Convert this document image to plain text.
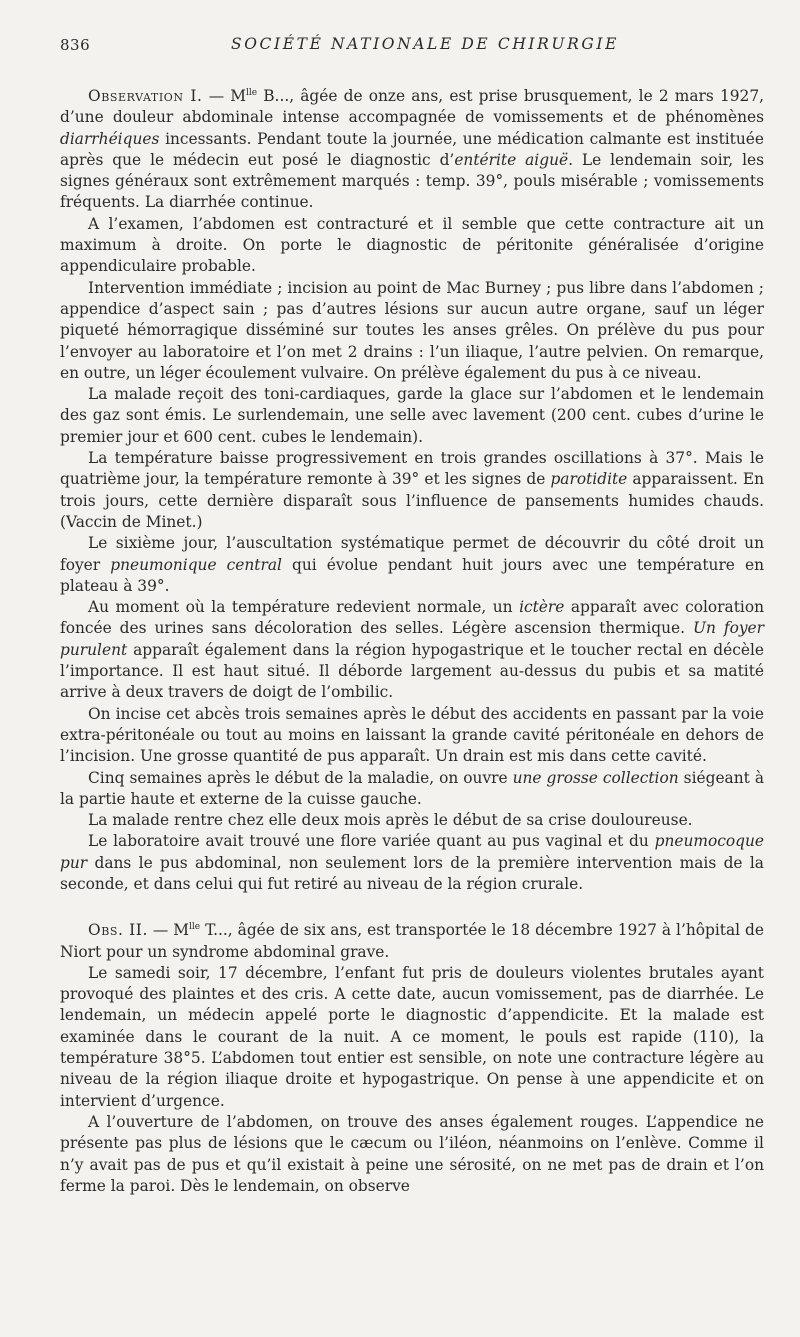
836	SOCIÉTÉ NATIONALE DE CHIRURGIE

Observation I. — $M^{lle}$ B..., âgée de onze ans, est prise brusquement, le 2 mars 1927, d’une douleur abdominale intense accompagnée de vomissements et de phénomènes diarrhéiques incessants. Pendant toute la journée, une médication calmante est instituée après que le médecin eut posé le diagnostic d’entérite aiguë. Le lendemain soir, les signes généraux sont extrêmement marqués : temp. 39°, pouls misérable ; vomissements fréquents. La diarrhée continue.

A l’examen, l’abdomen est contracturé et il semble que cette contracture ait un maximum à droite. On porte le diagnostic de péritonite généralisée d’origine appendiculaire probable.

Intervention immédiate ; incision au point de Mac Burney ; pus libre dans l’abdomen ; appendice d’aspect sain ; pas d’autres lésions sur aucun autre organe, sauf un léger piqueté hémorragique disséminé sur toutes les anses grêles. On prélève du pus pour l’envoyer au laboratoire et l’on met 2 drains : l’un iliaque, l’autre pelvien. On remarque, en outre, un léger écoulement vulvaire. On prélève également du pus à ce niveau.

La malade reçoit des toni-cardiaques, garde la glace sur l’abdomen et le lendemain des gaz sont émis. Le surlendemain, une selle avec lavement (200 cent. cubes d’urine le premier jour et 600 cent. cubes le lendemain).

La température baisse progressivement en trois grandes oscillations à 37°. Mais le quatrième jour, la température remonte à 39° et les signes de parotidite apparaissent. En trois jours, cette dernière disparaît sous l’influence de pansements humides chauds. (Vaccin de Minet.)

Le sixième jour, l’auscultation systématique permet de découvrir du côté droit un foyer pneumonique central qui évolue pendant huit jours avec une température en plateau à 39°.

Au moment où la température redevient normale, un ictère apparaît avec coloration foncée des urines sans décoloration des selles. Légère ascension thermique. Un foyer purulent apparaît également dans la région hypogastrique et le toucher rectal en décèle l’importance. Il est haut situé. Il déborde largement au-dessus du pubis et sa matité arrive à deux travers de doigt de l’ombilic.

On incise cet abcès trois semaines après le début des accidents en passant par la voie extra-péritonéale ou tout au moins en laissant la grande cavité péritonéale en dehors de l’incision. Une grosse quantité de pus apparaît. Un drain est mis dans cette cavité.

Cinq semaines après le début de la maladie, on ouvre une grosse collection siégeant à la partie haute et externe de la cuisse gauche.

La malade rentre chez elle deux mois après le début de sa crise douloureuse.

Le laboratoire avait trouvé une flore variée quant au pus vaginal et du pneumocoque pur dans le pus abdominal, non seulement lors de la première intervention mais de la seconde, et dans celui qui fut retiré au niveau de la région crurale.

Obs. II. — $M^{lle}$ T..., âgée de six ans, est transportée le 18 décembre 1927 à l’hôpital de Niort pour un syndrome abdominal grave.

Le samedi soir, 17 décembre, l’enfant fut pris de douleurs violentes brutales ayant provoqué des plaintes et des cris. A cette date, aucun vomissement, pas de diarrhée. Le lendemain, un médecin appelé porte le diagnostic d’appendicite. Et la malade est examinée dans le courant de la nuit. A ce moment, le pouls est rapide (110), la température 38°5. L’abdomen tout entier est sensible, on note une contracture légère au niveau de la région iliaque droite et hypogastrique. On pense à une appendicite et on intervient d’urgence.

A l’ouverture de l’abdomen, on trouve des anses également rouges. L’appendice ne présente pas plus de lésions que le cæcum ou l’iléon, néanmoins on l’enlève. Comme il n’y avait pas de pus et qu’il existait à peine une sérosité, on ne met pas de drain et l’on ferme la paroi. Dès le lendemain, on observe
